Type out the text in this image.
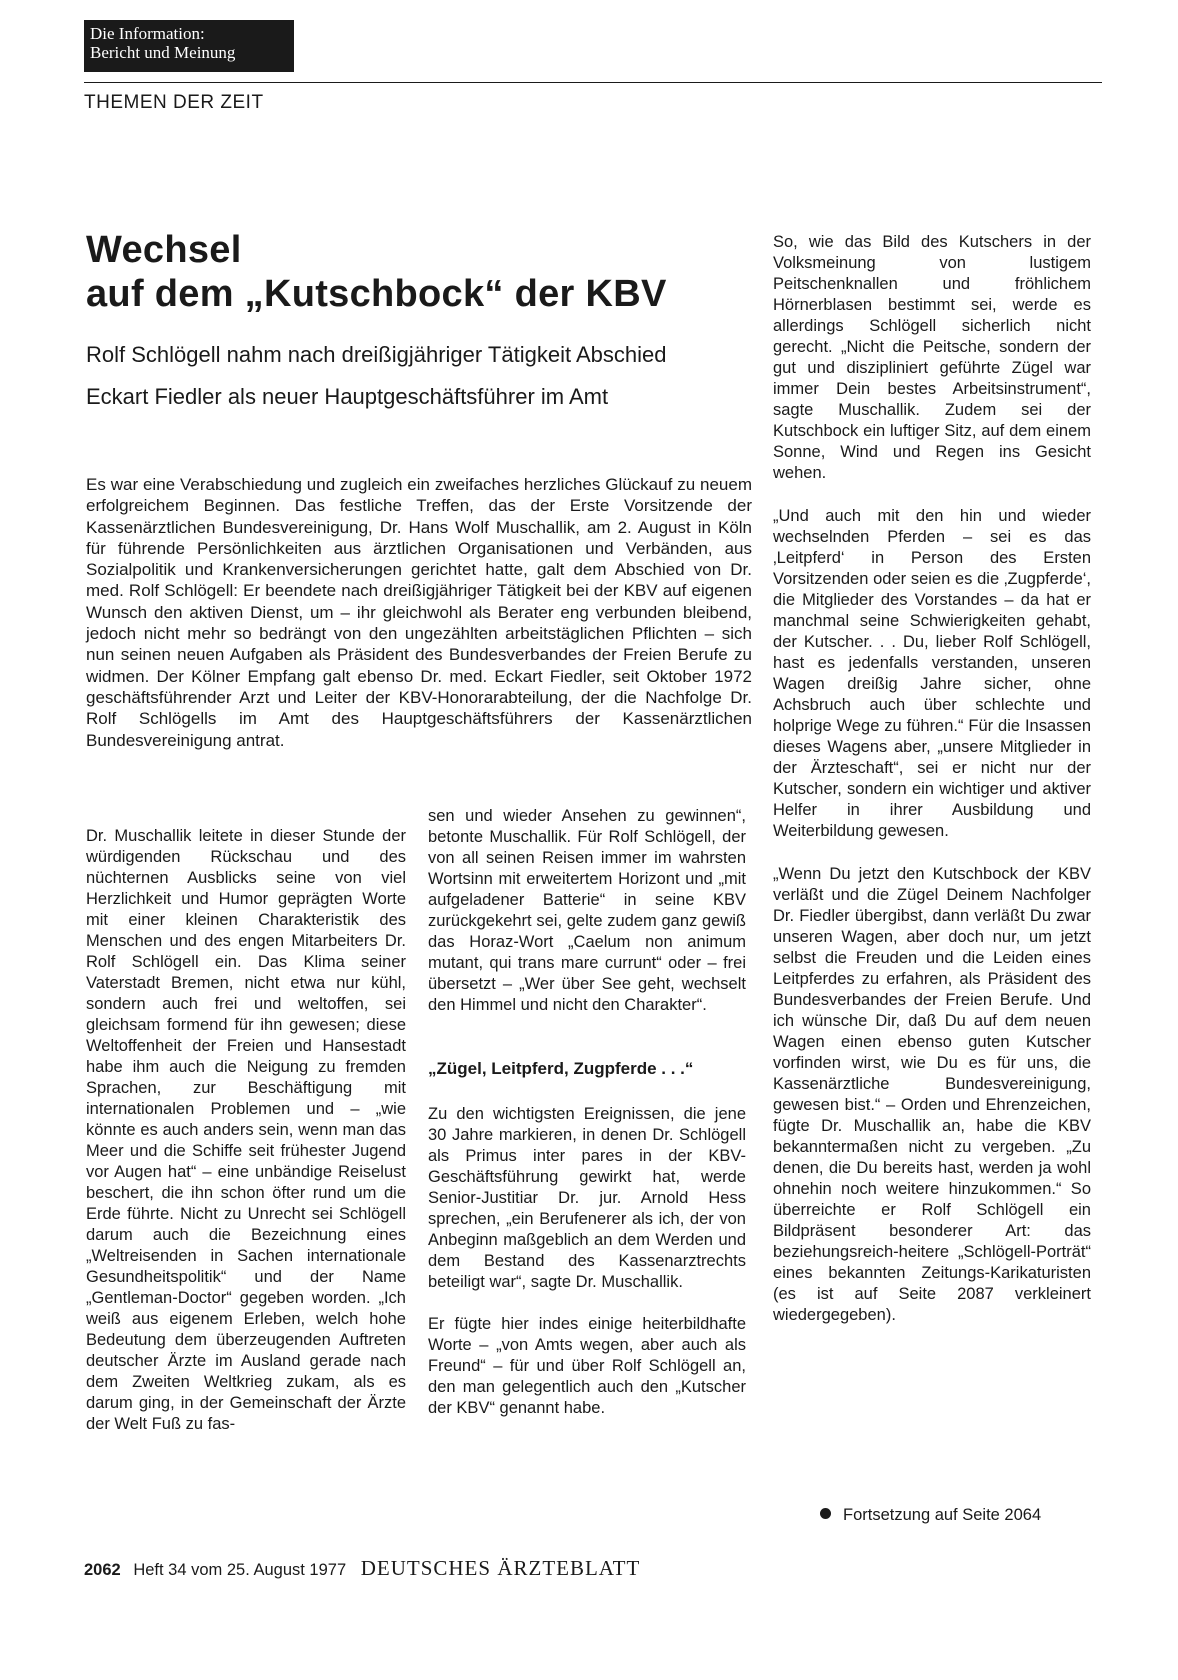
Die Information:
Bericht und Meinung
THEMEN DER ZEIT
Wechsel
auf dem „Kutschbock“ der KBV
Rolf Schlögell nahm nach dreißigjähriger Tätigkeit Abschied
Eckart Fiedler als neuer Hauptgeschäftsführer im Amt
Es war eine Verabschiedung und zugleich ein zweifaches herzliches Glückauf zu neuem erfolgreichem Beginnen. Das festliche Treffen, das der Erste Vorsitzende der Kassenärztlichen Bundesvereinigung, Dr. Hans Wolf Muschallik, am 2. August in Köln für führende Persönlichkeiten aus ärztlichen Organisationen und Verbänden, aus Sozialpolitik und Krankenversicherungen gerichtet hatte, galt dem Abschied von Dr. med. Rolf Schlögell: Er beendete nach dreißigjähriger Tätigkeit bei der KBV auf eigenen Wunsch den aktiven Dienst, um – ihr gleichwohl als Berater eng verbunden bleibend, jedoch nicht mehr so bedrängt von den ungezählten arbeitstäglichen Pflichten – sich nun seinen neuen Aufgaben als Präsident des Bundesverbandes der Freien Berufe zu widmen. Der Kölner Empfang galt ebenso Dr. med. Eckart Fiedler, seit Oktober 1972 geschäftsführender Arzt und Leiter der KBV-Honorarabteilung, der die Nachfolge Dr. Rolf Schlögells im Amt des Hauptgeschäftsführers der Kassenärztlichen Bundesvereinigung antrat.

Dr. Muschallik leitete in dieser Stunde der würdigenden Rückschau und des nüchternen Ausblicks seine von viel Herzlichkeit und Humor geprägten Worte mit einer kleinen Charakteristik des Menschen und des engen Mitarbeiters Dr. Rolf Schlögell ein. Das Klima seiner Vaterstadt Bremen, nicht etwa nur kühl, sondern auch frei und weltoffen, sei gleichsam formend für ihn gewesen; diese Weltoffenheit der Freien und Hansestadt habe ihm auch die Neigung zu fremden Sprachen, zur Beschäftigung mit internationalen Problemen und – „wie könnte es auch anders sein, wenn man das Meer und die Schiffe seit frühester Jugend vor Augen hat“ – eine unbändige Reiselust beschert, die ihn schon öfter rund um die Erde führte. Nicht zu Unrecht sei Schlögell darum auch die Bezeichnung eines „Weltreisenden in Sachen internationale Gesundheitspolitik“ und der Name „Gentleman-Doctor“ gegeben worden. „Ich weiß aus eigenem Erleben, welch hohe Bedeutung dem überzeugenden Auftreten deutscher Ärzte im Ausland gerade nach dem Zweiten Weltkrieg zukam, als es darum ging, in der Gemeinschaft der Ärzte der Welt Fuß zu fas-

sen und wieder Ansehen zu gewinnen“, betonte Muschallik. Für Rolf Schlögell, der von all seinen Reisen immer im wahrsten Wortsinn mit erweitertem Horizont und „mit aufgeladener Batterie“ in seine KBV zurückgekehrt sei, gelte zudem ganz gewiß das Horaz-Wort „Caelum non animum mutant, qui trans mare currunt“ oder – frei übersetzt – „Wer über See geht, wechselt den Himmel und nicht den Charakter“.

„Zügel, Leitpferd, Zugpferde . . .“

Zu den wichtigsten Ereignissen, die jene 30 Jahre markieren, in denen Dr. Schlögell als Primus inter pares in der KBV-Geschäftsführung gewirkt hat, werde Senior-Justitiar Dr. jur. Arnold Hess sprechen, „ein Berufenerer als ich, der von Anbeginn maßgeblich an dem Werden und dem Bestand des Kassenarztrechts beteiligt war“, sagte Dr. Muschallik.

Er fügte hier indes einige heiterbildhafte Worte – „von Amts wegen, aber auch als Freund“ – für und über Rolf Schlögell an, den man gelegentlich auch den „Kutscher der KBV“ genannt habe.

So, wie das Bild des Kutschers in der Volksmeinung von lustigem Peitschenknallen und fröhlichem Hörnerblasen bestimmt sei, werde es allerdings Schlögell sicherlich nicht gerecht. „Nicht die Peitsche, sondern der gut und diszipliniert geführte Zügel war immer Dein bestes Arbeitsinstrument“, sagte Muschallik. Zudem sei der Kutschbock ein luftiger Sitz, auf dem einem Sonne, Wind und Regen ins Gesicht wehen.

„Und auch mit den hin und wieder wechselnden Pferden – sei es das ‚Leitpferd‘ in Person des Ersten Vorsitzenden oder seien es die ‚Zugpferde‘, die Mitglieder des Vorstandes – da hat er manchmal seine Schwierigkeiten gehabt, der Kutscher. . . Du, lieber Rolf Schlögell, hast es jedenfalls verstanden, unseren Wagen dreißig Jahre sicher, ohne Achsbruch auch über schlechte und holprige Wege zu führen.“ Für die Insassen dieses Wagens aber, „unsere Mitglieder in der Ärzteschaft“, sei er nicht nur der Kutscher, sondern ein wichtiger und aktiver Helfer in ihrer Ausbildung und Weiterbildung gewesen.

„Wenn Du jetzt den Kutschbock der KBV verläßt und die Zügel Deinem Nachfolger Dr. Fiedler übergibst, dann verläßt Du zwar unseren Wagen, aber doch nur, um jetzt selbst die Freuden und die Leiden eines Leitpferdes zu erfahren, als Präsident des Bundesverbandes der Freien Berufe. Und ich wünsche Dir, daß Du auf dem neuen Wagen einen ebenso guten Kutscher vorfinden wirst, wie Du es für uns, die Kassenärztliche Bundesvereinigung, gewesen bist.“ – Orden und Ehrenzeichen, fügte Dr. Muschallik an, habe die KBV bekanntermaßen nicht zu vergeben. „Zu denen, die Du bereits hast, werden ja wohl ohnehin noch weitere hinzukommen.“ So überreichte er Rolf Schlögell ein Bildpräsent besonderer Art: das beziehungsreich-heitere „Schlögell-Porträt“ eines bekannten Zeitungs-Karikaturisten (es ist auf Seite 2087 verkleinert wiedergegeben).

Fortsetzung auf Seite 2064
2062 Heft 34 vom 25. August 1977 DEUTSCHES ÄRZTEBLATT
